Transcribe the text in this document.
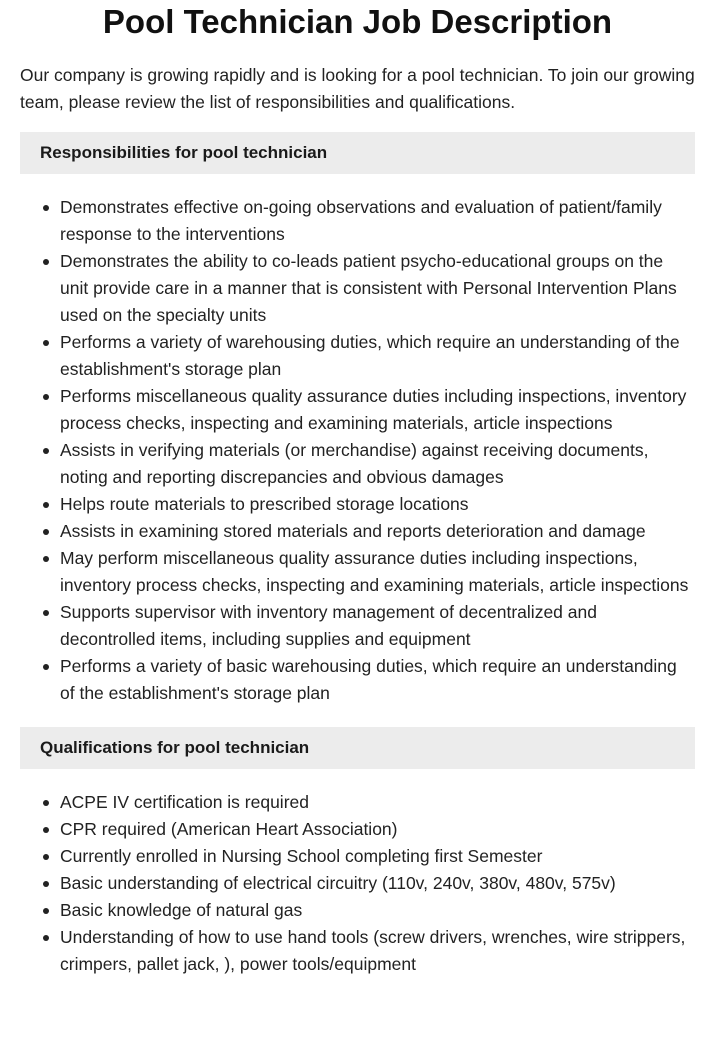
Pool Technician Job Description

Our company is growing rapidly and is looking for a pool technician. To join our growing team, please review the list of responsibilities and qualifications.

Responsibilities for pool technician
Demonstrates effective on-going observations and evaluation of patient/family response to the interventions
Demonstrates the ability to co-leads patient psycho-educational groups on the unit provide care in a manner that is consistent with Personal Intervention Plans used on the specialty units
Performs a variety of warehousing duties, which require an understanding of the establishment's storage plan
Performs miscellaneous quality assurance duties including inspections, inventory process checks, inspecting and examining materials, article inspections
Assists in verifying materials (or merchandise) against receiving documents, noting and reporting discrepancies and obvious damages
Helps route materials to prescribed storage locations
Assists in examining stored materials and reports deterioration and damage
May perform miscellaneous quality assurance duties including inspections, inventory process checks, inspecting and examining materials, article inspections
Supports supervisor with inventory management of decentralized and decontrolled items, including supplies and equipment
Performs a variety of basic warehousing duties, which require an understanding of the establishment's storage plan
Qualifications for pool technician
ACPE IV certification is required
CPR required (American Heart Association)
Currently enrolled in Nursing School completing first Semester
Basic understanding of electrical circuitry (110v, 240v, 380v, 480v, 575v)
Basic knowledge of natural gas
Understanding of how to use hand tools (screw drivers, wrenches, wire strippers, crimpers, pallet jack, ), power tools/equipment
